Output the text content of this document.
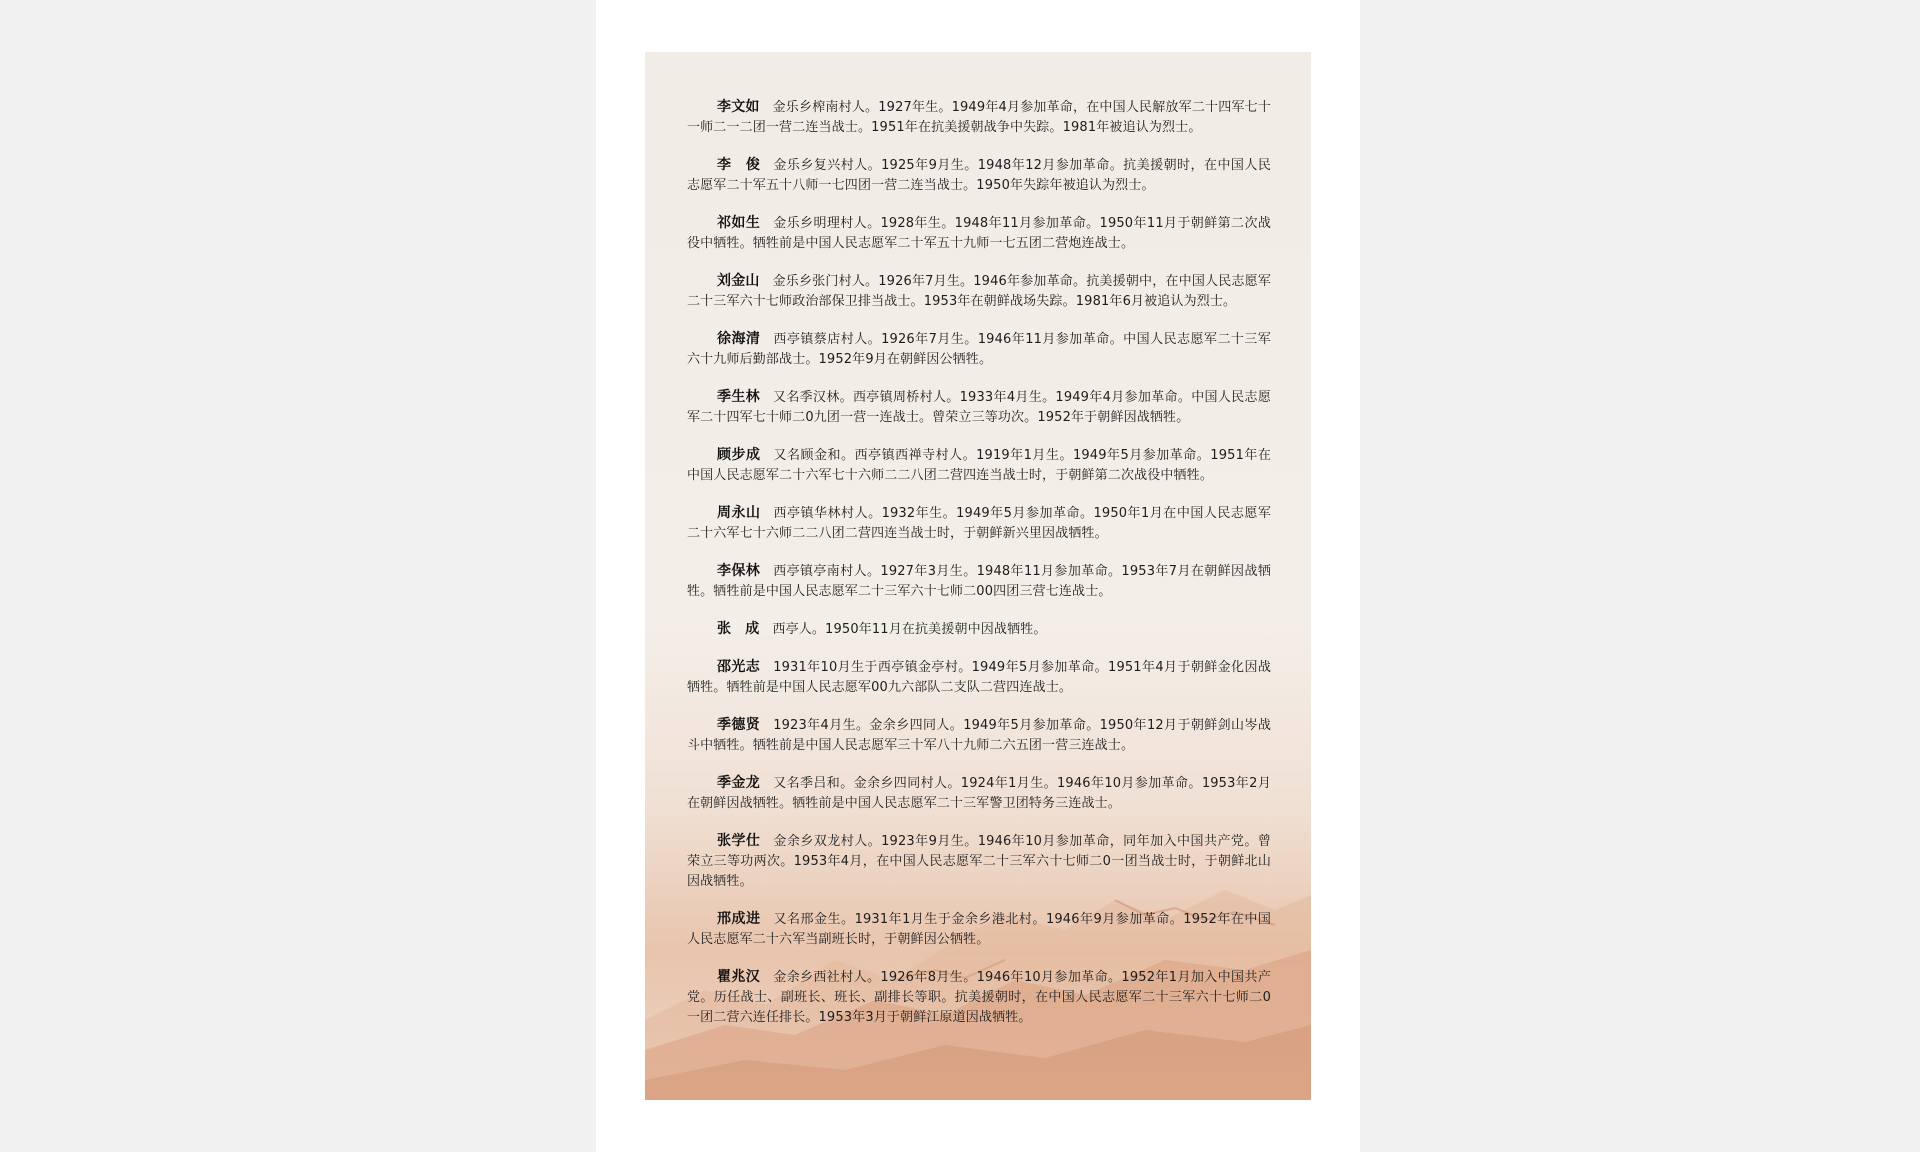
李文如 金乐乡榨南村人。1927年生。1949年4月参加革命，在中国人民解放军二十四军七十一师二一二团一营二连当战士。1951年在抗美援朝战争中失踪。1981年被追认为烈士。

李　俊 金乐乡复兴村人。1925年9月生。1948年12月参加革命。抗美援朝时，在中国人民志愿军二十军五十八师一七四团一营二连当战士。1950年失踪年被追认为烈士。

祁如生 金乐乡明理村人。1928年生。1948年11月参加革命。1950年11月于朝鲜第二次战役中牺牲。牺牲前是中国人民志愿军二十军五十九师一七五团二营炮连战士。

刘金山 金乐乡张门村人。1926年7月生。1946年参加革命。抗美援朝中，在中国人民志愿军二十三军六十七师政治部保卫排当战士。1953年在朝鲜战场失踪。1981年6月被追认为烈士。

徐海清 西亭镇蔡店村人。1926年7月生。1946年11月参加革命。中国人民志愿军二十三军六十九师后勤部战士。1952年9月在朝鲜因公牺牲。

季生林 又名季汉林。西亭镇周桥村人。1933年4月生。1949年4月参加革命。中国人民志愿军二十四军七十师二0九团一营一连战士。曾荣立三等功次。1952年于朝鲜因战牺牲。

顾步成 又名顾金和。西亭镇西禅寺村人。1919年1月生。1949年5月参加革命。1951年在中国人民志愿军二十六军七十六师二二八团二营四连当战士时，于朝鲜第二次战役中牺牲。

周永山 西亭镇华林村人。1932年生。1949年5月参加革命。1950年1月在中国人民志愿军二十六军七十六师二二八团二营四连当战士时，于朝鲜新兴里因战牺牲。

李保林 西亭镇亭南村人。1927年3月生。1948年11月参加革命。1953年7月在朝鲜因战牺牲。牺牲前是中国人民志愿军二十三军六十七师二00四团三营七连战士。

张　成 西亭人。1950年11月在抗美援朝中因战牺牲。

邵光志 1931年10月生于西亭镇金亭村。1949年5月参加革命。1951年4月于朝鲜金化因战牺牲。牺牲前是中国人民志愿军00九六部队二支队二营四连战士。

季德贤 1923年4月生。金余乡四同人。1949年5月参加革命。1950年12月于朝鲜剑山岑战斗中牺牲。牺牲前是中国人民志愿军三十军八十九师二六五团一营三连战士。

季金龙 又名季吕和。金余乡四同村人。1924年1月生。1946年10月参加革命。1953年2月在朝鲜因战牺牲。牺牲前是中国人民志愿军二十三军警卫团特务三连战士。

张学仕 金余乡双龙村人。1923年9月生。1946年10月参加革命，同年加入中国共产党。曾荣立三等功两次。1953年4月，在中国人民志愿军二十三军六十七师二0一团当战士时，于朝鲜北山因战牺牲。

邢成进 又名邢金生。1931年1月生于金余乡港北村。1946年9月参加革命。1952年在中国人民志愿军二十六军当副班长时，于朝鲜因公牺牲。

瞿兆汉 金余乡西社村人。1926年8月生。1946年10月参加革命。1952年1月加入中国共产党。历任战士、副班长、班长、副排长等职。抗美援朝时，在中国人民志愿军二十三军六十七师二0一团二营六连任排长。1953年3月于朝鲜江原道因战牺牲。
